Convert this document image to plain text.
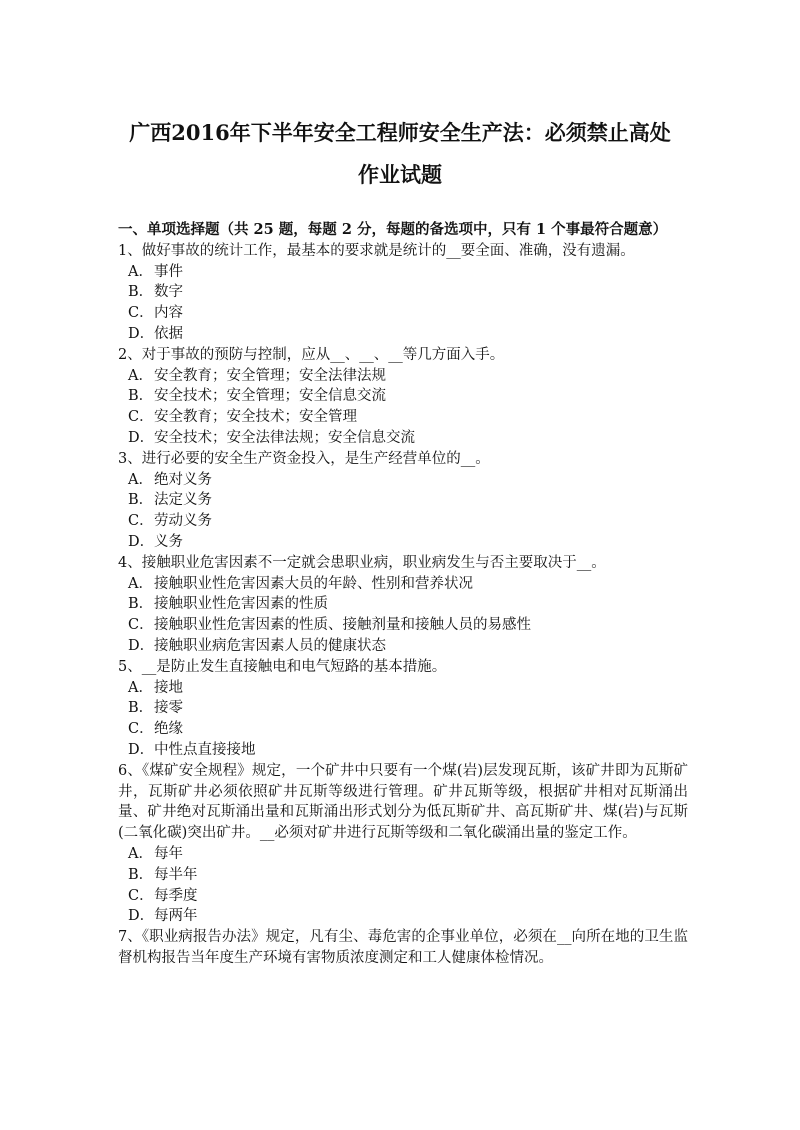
广西2016年下半年安全工程师安全生产法：必须禁止高处
作业试题
一、单项选择题（共 25 题，每题 2 分，每题的备选项中，只有 1 个事最符合题意）
1、做好事故的统计工作，最基本的要求就是统计的__要全面、准确，没有遗漏。
A．事件
B．数字
C．内容
D．依据
2、对于事故的预防与控制，应从__、__、__等几方面入手。
A．安全教育；安全管理；安全法律法规
B．安全技术；安全管理；安全信息交流
C．安全教育；安全技术；安全管理
D．安全技术；安全法律法规；安全信息交流
3、进行必要的安全生产资金投入，是生产经营单位的__。
A．绝对义务
B．法定义务
C．劳动义务
D．义务
4、接触职业危害因素不一定就会患职业病，职业病发生与否主要取决于__。
A．接触职业性危害因素大员的年龄、性别和营养状况
B．接触职业性危害因素的性质
C．接触职业性危害因素的性质、接触剂量和接触人员的易感性
D．接触职业病危害因素人员的健康状态
5、__是防止发生直接触电和电气短路的基本措施。
A．接地
B．接零
C．绝缘
D．中性点直接接地
6、《煤矿安全规程》规定，一个矿井中只要有一个煤(岩)层发现瓦斯，该矿井即为瓦斯矿井，瓦斯矿井必须依照矿井瓦斯等级进行管理。矿井瓦斯等级，根据矿井相对瓦斯涌出量、矿井绝对瓦斯涌出量和瓦斯涌出形式划分为低瓦斯矿井、高瓦斯矿井、煤(岩)与瓦斯(二氧化碳)突出矿井。__必须对矿井进行瓦斯等级和二氧化碳涌出量的鉴定工作。
A．每年
B．每半年
C．每季度
D．每两年
7、《职业病报告办法》规定，凡有尘、毒危害的企事业单位，必须在__向所在地的卫生监督机构报告当年度生产环境有害物质浓度测定和工人健康体检情况。
